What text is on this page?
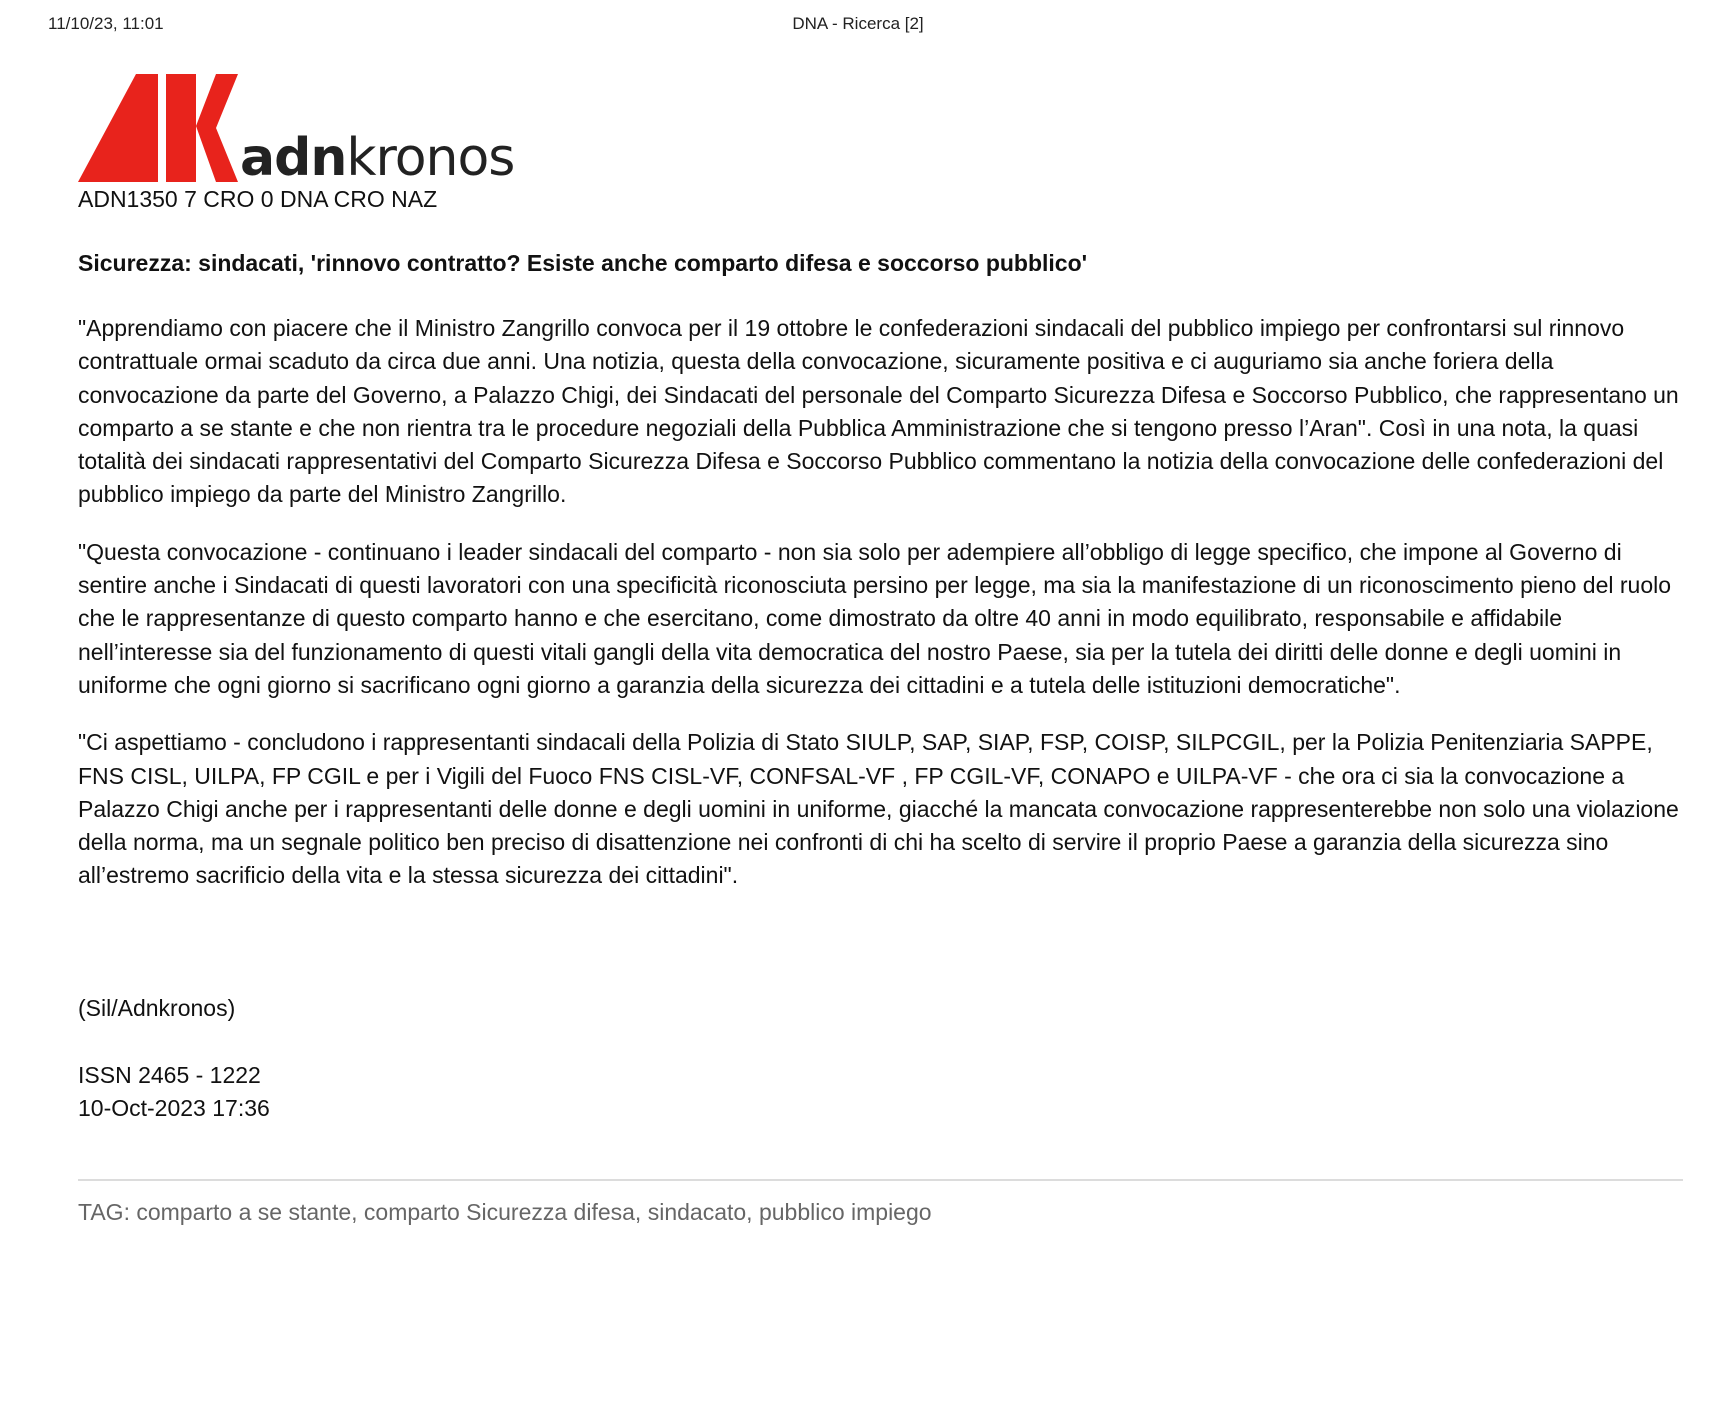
11/10/23, 11:01	DNA - Ricerca [2]
adnkronos

ADN1350 7 CRO 0 DNA CRO NAZ

Sicurezza: sindacati, 'rinnovo contratto? Esiste anche comparto difesa e soccorso pubblico'

"Apprendiamo con piacere che il Ministro Zangrillo convoca per il 19 ottobre le confederazioni sindacali del pubblico impiego per confrontarsi sul rinnovo contrattuale ormai scaduto da circa due anni. Una notizia, questa della convocazione, sicuramente positiva e ci auguriamo sia anche foriera della convocazione da parte del Governo, a Palazzo Chigi, dei Sindacati del personale del Comparto Sicurezza Difesa e Soccorso Pubblico, che rappresentano un comparto a se stante e che non rientra tra le procedure negoziali della Pubblica Amministrazione che si tengono presso l’Aran". Così in una nota, la quasi totalità dei sindacati rappresentativi del Comparto Sicurezza Difesa e Soccorso Pubblico commentano la notizia della convocazione delle confederazioni del pubblico impiego da parte del Ministro Zangrillo.

"Questa convocazione - continuano i leader sindacali del comparto - non sia solo per adempiere all’obbligo di legge specifico, che impone al Governo di sentire anche i Sindacati di questi lavoratori con una specificità riconosciuta persino per legge, ma sia la manifestazione di un riconoscimento pieno del ruolo che le rappresentanze di questo comparto hanno e che esercitano, come dimostrato da oltre 40 anni in modo equilibrato, responsabile e affidabile nell’interesse sia del funzionamento di questi vitali gangli della vita democratica del nostro Paese, sia per la tutela dei diritti delle donne e degli uomini in uniforme che ogni giorno si sacrificano ogni giorno a garanzia della sicurezza dei cittadini e a tutela delle istituzioni democratiche".

"Ci aspettiamo - concludono i rappresentanti sindacali della Polizia di Stato SIULP, SAP, SIAP, FSP, COISP, SILPCGIL, per la Polizia Penitenziaria SAPPE, FNS CISL, UILPA, FP CGIL e per i Vigili del Fuoco FNS CISL-VF, CONFSAL-VF , FP CGIL-VF, CONAPO e UILPA-VF - che ora ci sia la convocazione a Palazzo Chigi anche per i rappresentanti delle donne e degli uomini in uniforme, giacché la mancata convocazione rappresenterebbe non solo una violazione della norma, ma un segnale politico ben preciso di disattenzione nei confronti di chi ha scelto di servire il proprio Paese a garanzia della sicurezza sino all’estremo sacrificio della vita e la stessa sicurezza dei cittadini".

(Sil/Adnkronos)

ISSN 2465 - 1222

10-Oct-2023 17:36

TAG: comparto a se stante, comparto Sicurezza difesa, sindacato, pubblico impiego
